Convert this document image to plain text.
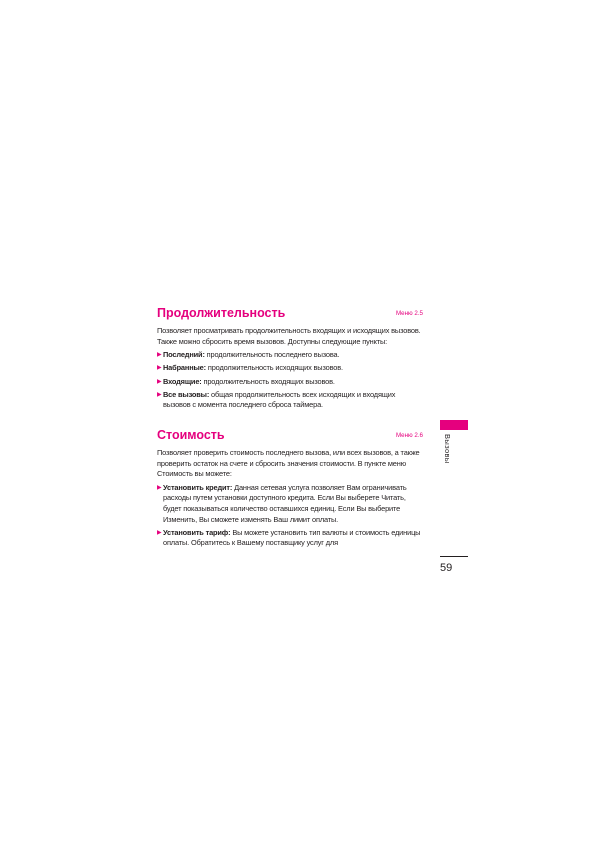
Продолжительность	Меню 2.5

Позволяет просматривать продолжительность входящих и исходящих вызовов. Также можно сбросить время вызовов. Доступны следующие пункты:

▶ Последний: продолжительность последнего вызова.
▶ Набранные: продолжительность исходящих вызовов.
▶ Входящие: продолжительность входящих вызовов.
▶ Все вызовы: общая продолжительность всех исходящих и входящих вызовов с момента последнего сброса таймера.
Стоимость	Меню 2.6

Позволяет проверить стоимость последнего вызова, или всех вызовов, а также проверить остаток на счете и сбросить значения стоимости. В пункте меню Стоимость вы можете:

▶ Установить кредит: Данная сетевая услуга позволяет Вам ограничивать расходы путем установки доступного кредита. Если Вы выберете Читать, будет показываться количество оставшихся единиц. Если Вы выберите Изменить, Вы сможете изменять Ваш лимит оплаты.
▶ Установить тариф: Вы можете установить тип валюты и стоимость единицы оплаты. Обратитесь к Вашему поставщику услуг для
Вызовы
59
